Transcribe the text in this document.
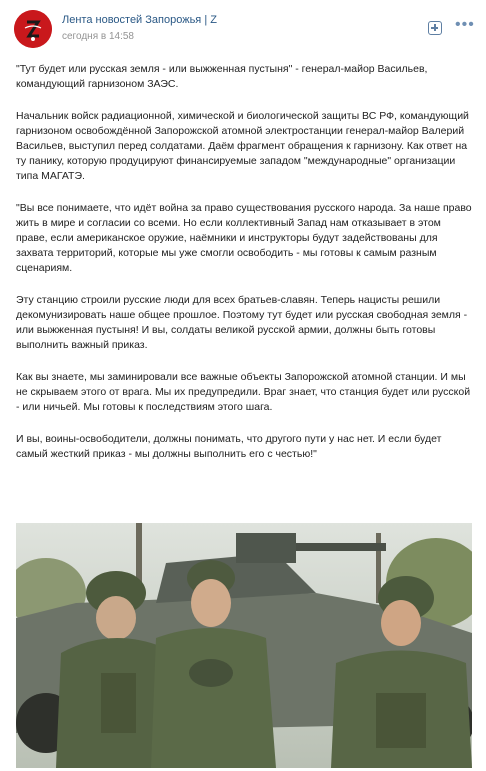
Лента новостей Запорожья | Z
сегодня в 14:58
•••

"Тут будет или русская земля - или выжженная пустыня" - генерал-майор Васильев, командующий гарнизоном ЗАЭС.

Начальник войск радиационной, химической и биологической защиты ВС РФ, командующий гарнизоном освобождённой Запорожской атомной электростанции генерал-майор Валерий Васильев, выступил перед солдатами. Даём фрагмент обращения к гарнизону. Как ответ на ту панику, которую продуцируют финансируемые западом "международные" организации типа МАГАТЭ.

"Вы все понимаете, что идёт война за право существования русского народа. За наше право жить в мире и согласии со всеми. Но если коллективный Запад нам отказывает в этом праве, если американское оружие, наёмники и инструкторы будут задействованы для захвата территорий, которые мы уже смогли освободить - мы готовы к самым разным сценариям.

Эту станцию строили русские люди для всех братьев-славян. Теперь нацисты решили декомунизировать наше общее прошлое. Поэтому тут будет или русская свободная земля - или выжженная пустыня! И вы, солдаты великой русской армии, должны быть готовы выполнить важный приказ.

Как вы знаете, мы заминировали все важные объекты Запорожской атомной станции. И мы не скрываем этого от врага. Мы их предупредили. Враг знает, что станция будет или русской - или ничьей. Мы готовы к последствиям этого шага.

И вы, воины-освободители, должны понимать, что другого пути у нас нет. И если будет самый жесткий приказ - мы должны выполнить его с честью!"
